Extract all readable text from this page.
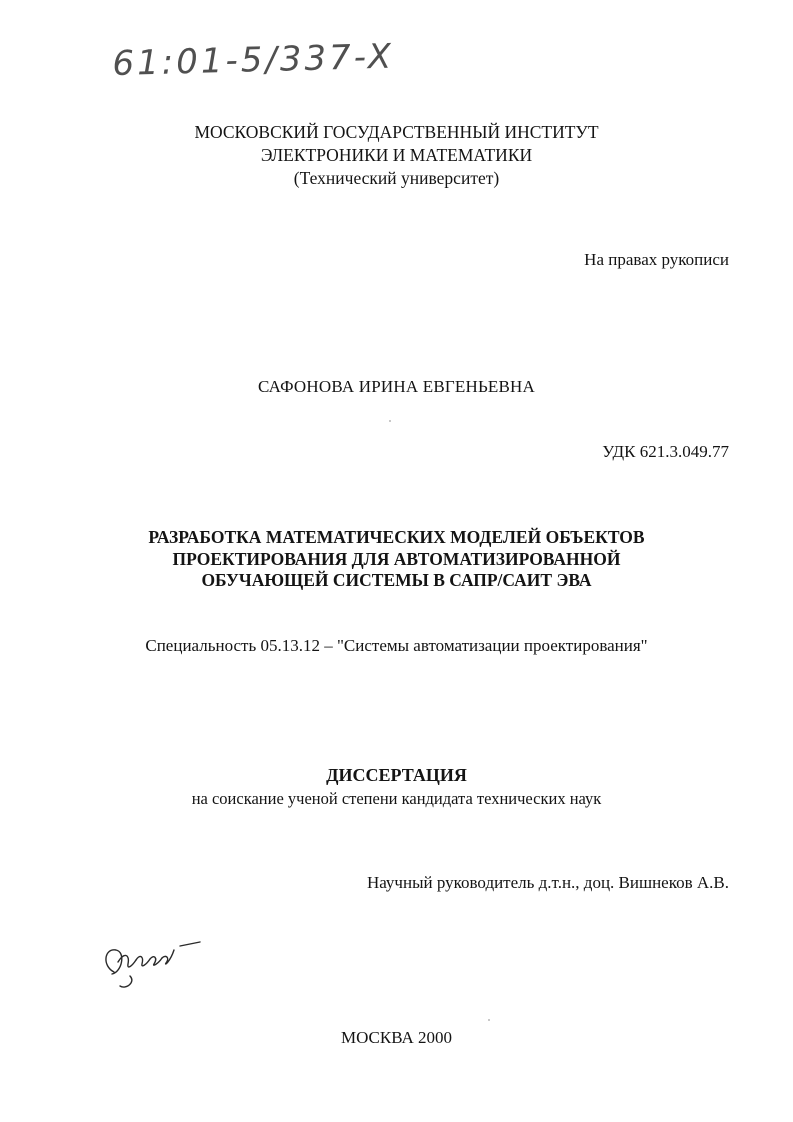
61:01-5/337-X
МОСКОВСКИЙ ГОСУДАРСТВЕННЫЙ ИНСТИТУТ
ЭЛЕКТРОНИКИ И МАТЕМАТИКИ
(Технический университет)
На правах рукописи
САФОНОВА ИРИНА ЕВГЕНЬЕВНА
УДК 621.3.049.77
РАЗРАБОТКА МАТЕМАТИЧЕСКИХ МОДЕЛЕЙ ОБЪЕКТОВ
ПРОЕКТИРОВАНИЯ ДЛЯ АВТОМАТИЗИРОВАННОЙ
ОБУЧАЮЩЕЙ СИСТЕМЫ В САПР/САИТ ЭВА
Специальность 05.13.12 – "Системы автоматизации проектирования"
ДИССЕРТАЦИЯ
на соискание ученой степени кандидата технических наук
Научный руководитель д.т.н., доц. Вишнеков А.В.
МОСКВА 2000
